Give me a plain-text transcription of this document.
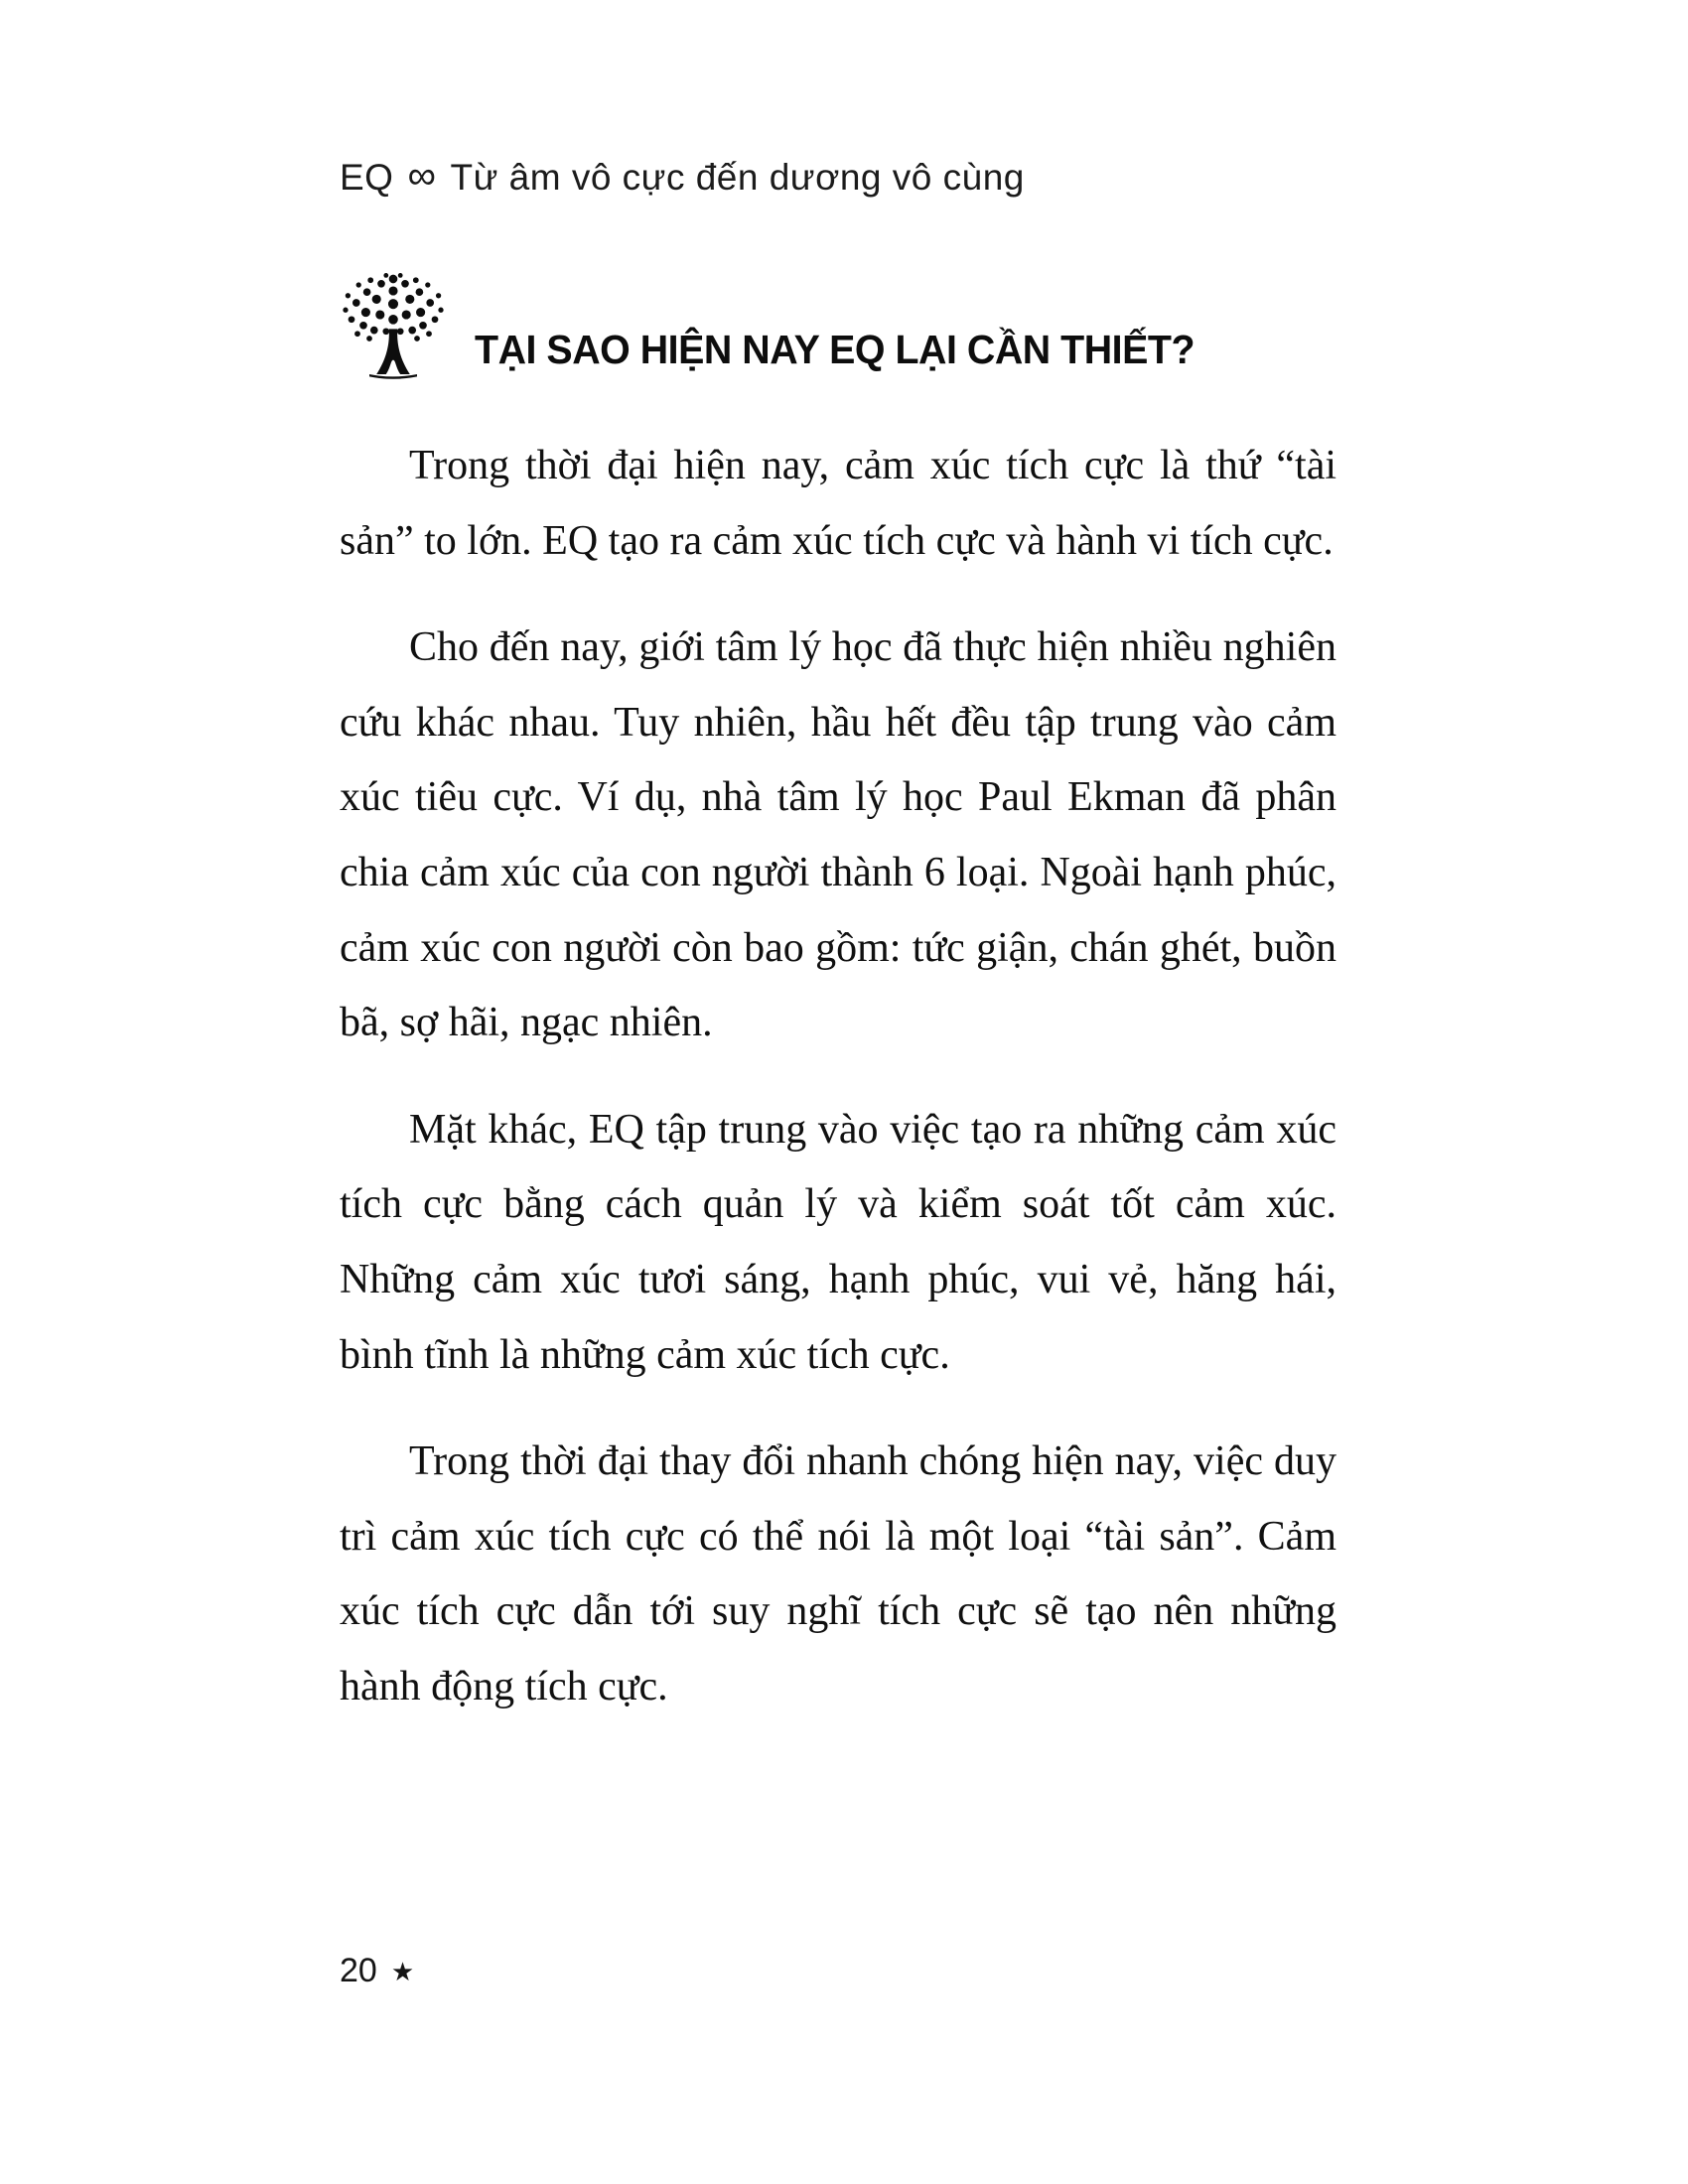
EQ ∞ Từ âm vô cực đến dương vô cùng
TẠI SAO HIỆN NAY EQ LẠI CẦN THIẾT?

Trong thời đại hiện nay, cảm xúc tích cực là thứ “tài sản” to lớn. EQ tạo ra cảm xúc tích cực và hành vi tích cực.

Cho đến nay, giới tâm lý học đã thực hiện nhiều nghiên cứu khác nhau. Tuy nhiên, hầu hết đều tập trung vào cảm xúc tiêu cực. Ví dụ, nhà tâm lý học Paul Ekman đã phân chia cảm xúc của con người thành 6 loại. Ngoài hạnh phúc, cảm xúc con người còn bao gồm: tức giận, chán ghét, buồn bã, sợ hãi, ngạc nhiên.

Mặt khác, EQ tập trung vào việc tạo ra những cảm xúc tích cực bằng cách quản lý và kiểm soát tốt cảm xúc. Những cảm xúc tươi sáng, hạnh phúc, vui vẻ, hăng hái, bình tĩnh là những cảm xúc tích cực.

Trong thời đại thay đổi nhanh chóng hiện nay, việc duy trì cảm xúc tích cực có thể nói là một loại “tài sản”. Cảm xúc tích cực dẫn tới suy nghĩ tích cực sẽ tạo nên những hành động tích cực.

20 ★
